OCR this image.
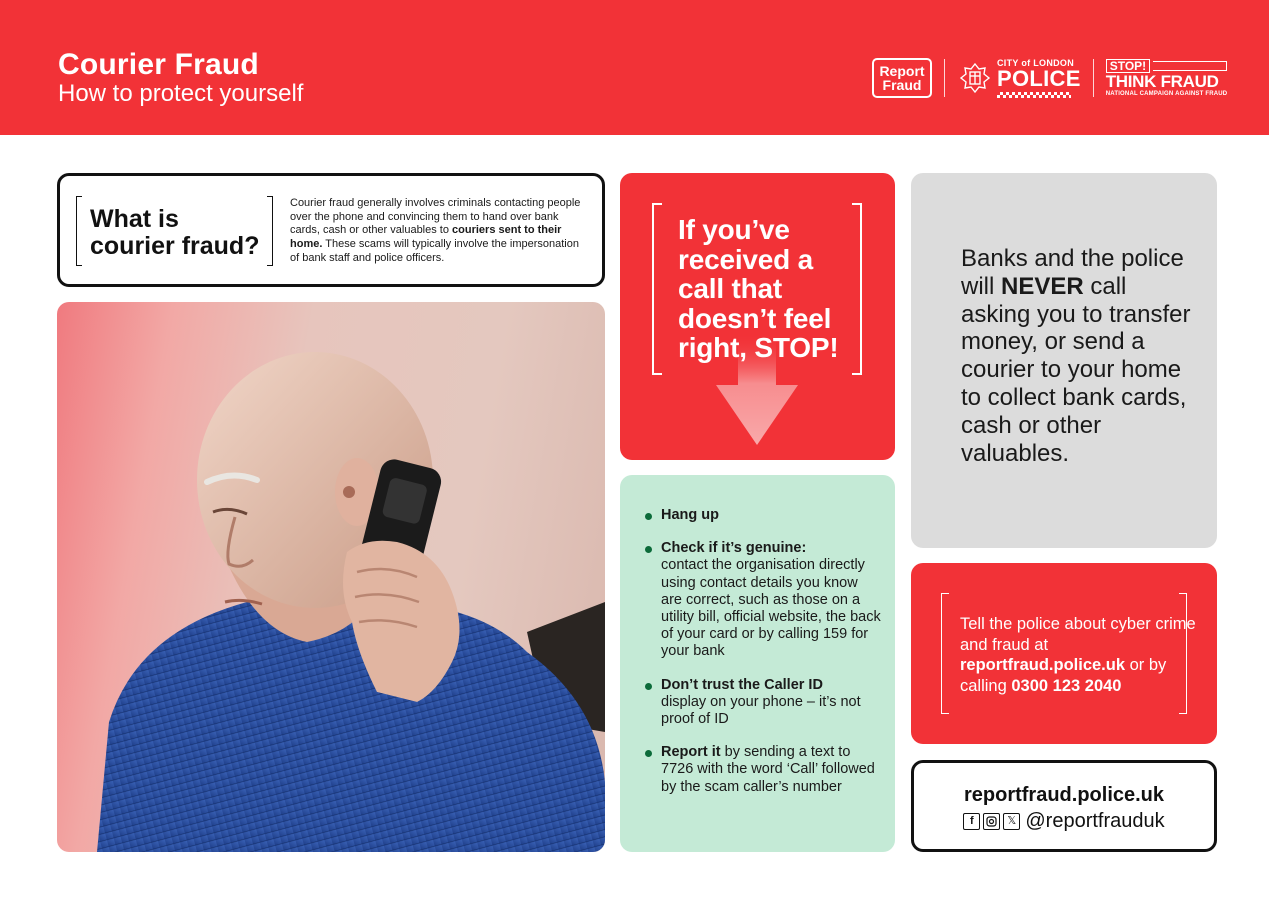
Courier Fraud
How to protect yourself
Report
Fraud
CITY of LONDON
POLICE
STOP!
THINK FRAUD
NATIONAL CAMPAIGN AGAINST FRAUD
What is courier fraud?
Courier fraud generally involves criminals contacting people over the phone and convincing them to hand over bank cards, cash or other valuables to couriers sent to their home. These scams will typically involve the impersonation of bank staff and police officers.
If you’ve received a call that doesn’t feel right, STOP!
Hang up
Check if it’s genuine:
contact the organisation directly using contact details you know are correct, such as those on a utility bill, official website, the back of your card or by calling 159 for your bank
Don’t trust the Caller ID
display on your phone – it’s not proof of ID
Report it by sending a text to 7726 with the word ‘Call’ followed by the scam caller’s number
Banks and the police will NEVER call asking you to transfer money, or send a courier to your home to collect bank cards, cash or other valuables.
Tell the police about cyber crime and fraud at reportfraud.police.uk or by calling 0300 123 2040
reportfraud.police.uk
f	𝕏 @reportfrauduk
